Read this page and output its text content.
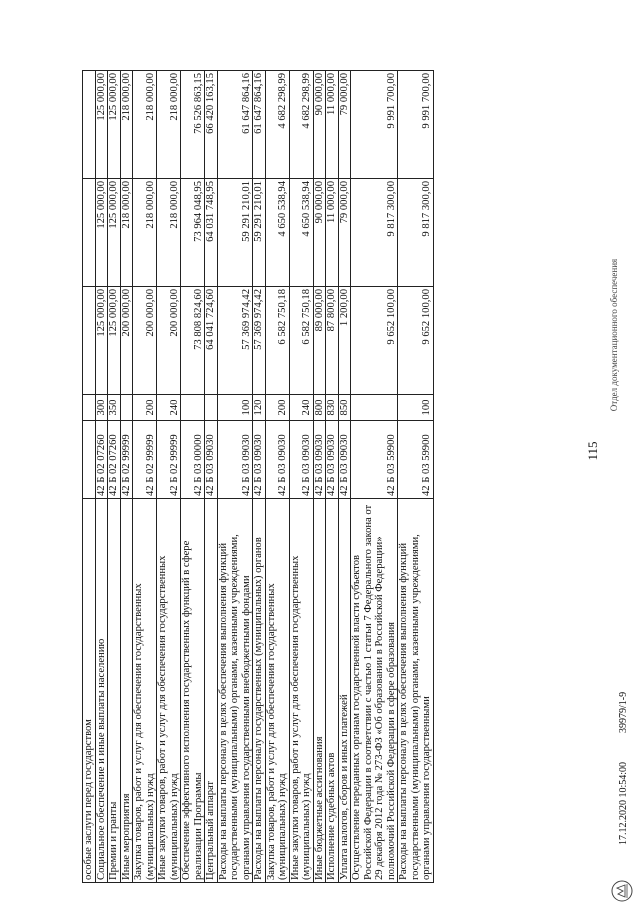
115
особые заслуги перед государством					
Социальное обеспечение и иные выплаты населению	42 Б 02 07260	300	125 000,00	125 000,00	125 000,00
Премии и гранты	42 Б 02 07260	350	125 000,00	125 000,00	125 000,00
Иные мероприятия	42 Б 02 99999		200 000,00	218 000,00	218 000,00
Закупка товаров, работ и услуг для обеспечения государственных (муниципальных) нужд	42 Б 02 99999	200	200 000,00	218 000,00	218 000,00
Иные закупки товаров, работ и услуг для обеспечения государственных (муниципальных) нужд	42 Б 02 99999	240	200 000,00	218 000,00	218 000,00
Обеспечение эффективного исполнения государственных функций в сфере реализации Программы	42 Б 03 00000		73 808 824,60	73 964 048,95	76 526 863,15
Центральный аппарат	42 Б 03 09030		64 041 724,60	64 031 748,95	66 420 163,15
Расходы на выплаты персоналу в целях обеспечения выполнения функций государственными (муниципальными) органами, казенными учреждениями, органами управления государственными внебюджетными фондами	42 Б 03 09030	100	57 369 974,42	59 291 210,01	61 647 864,16
Расходы на выплаты персоналу государственных (муниципальных) органов	42 Б 03 09030	120	57 369 974,42	59 291 210,01	61 647 864,16
Закупка товаров, работ и услуг для обеспечения государственных (муниципальных) нужд	42 Б 03 09030	200	6 582 750,18	4 650 538,94	4 682 298,99
Иные закупки товаров, работ и услуг для обеспечения государственных (муниципальных) нужд	42 Б 03 09030	240	6 582 750,18	4 650 538,94	4 682 298,99
Иные бюджетные ассигнования	42 Б 03 09030	800	89 000,00	90 000,00	90 000,00
Исполнение судебных актов	42 Б 03 09030	830	87 800,00	11 000,00	11 000,00
Уплата налогов, сборов и иных платежей	42 Б 03 09030	850	1 200,00	79 000,00	79 000,00
Осуществление переданных органам государственной власти субъектов Российской Федерации в соответствии с частью 1 статьи 7 Федерального закона от 29 декабря 2012 года № 273-ФЗ «Об образовании в Российской Федерации» полномочий Российской Федерации в сфере образования	42 Б 03 59900		9 652 100,00	9 817 300,00	9 991 700,00
Расходы на выплаты персоналу в целях обеспечения выполнения функций государственными (муниципальными) органами, казенными учреждениями, органами управления государственными	42 Б 03 59900	100	9 652 100,00	9 817 300,00	9 991 700,00
17.12.2020 10:54:00
39979/1-9
Отдел документационного обеспечения
